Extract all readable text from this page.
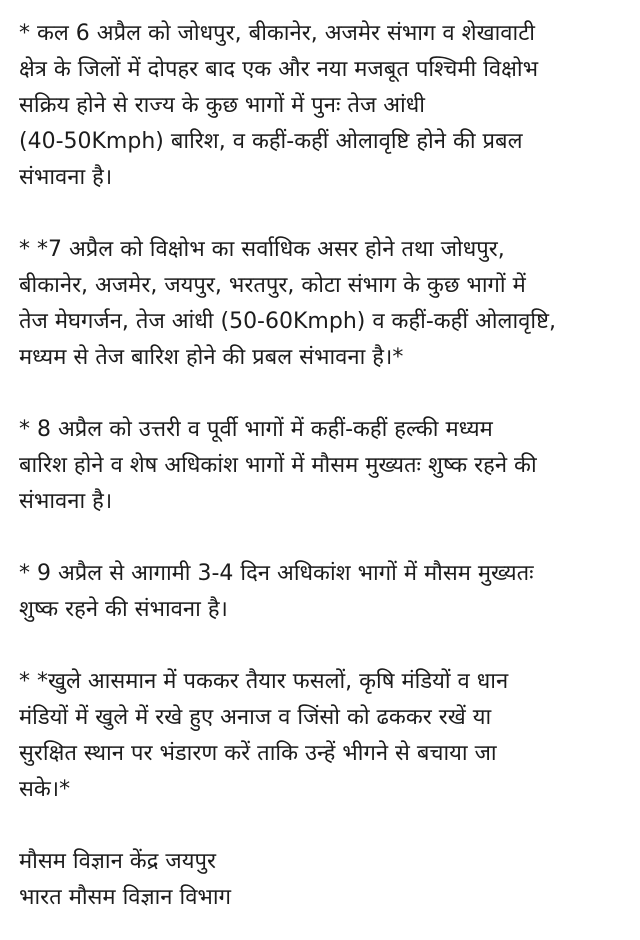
* कल 6 अप्रैल को जोधपुर, बीकानेर, अजमेर संभाग व शेखावाटी
क्षेत्र के जिलों में दोपहर बाद एक और नया मजबूत पश्चिमी विक्षोभ
सक्रिय होने से राज्य के कुछ भागों में पुनः तेज आंधी
(40-50Kmph) बारिश, व कहीं-कहीं ओलावृष्टि होने की प्रबल
संभावना है।

* *7 अप्रैल को विक्षोभ का सर्वाधिक असर होने तथा जोधपुर,
बीकानेर, अजमेर, जयपुर, भरतपुर, कोटा संभाग के कुछ भागों में
तेज मेघगर्जन, तेज आंधी (50-60Kmph) व कहीं-कहीं ओलावृष्टि,
मध्यम से तेज बारिश होने की प्रबल संभावना है।*

* 8 अप्रैल को उत्तरी व पूर्वी भागों में कहीं-कहीं हल्की मध्यम
बारिश होने व शेष अधिकांश भागों में मौसम मुख्यतः शुष्क रहने की
संभावना है।

* 9 अप्रैल से आगामी 3-4 दिन अधिकांश भागों में मौसम मुख्यतः
शुष्क रहने की संभावना है।

* *खुले आसमान में पककर तैयार फसलों, कृषि मंडियों व धान
मंडियों में खुले में रखे हुए अनाज व जिंसो को ढककर रखें या
सुरक्षित स्थान पर भंडारण करें ताकि उन्हें भीगने से बचाया जा
सके।*

मौसम विज्ञान केंद्र जयपुर
भारत मौसम विज्ञान विभाग
